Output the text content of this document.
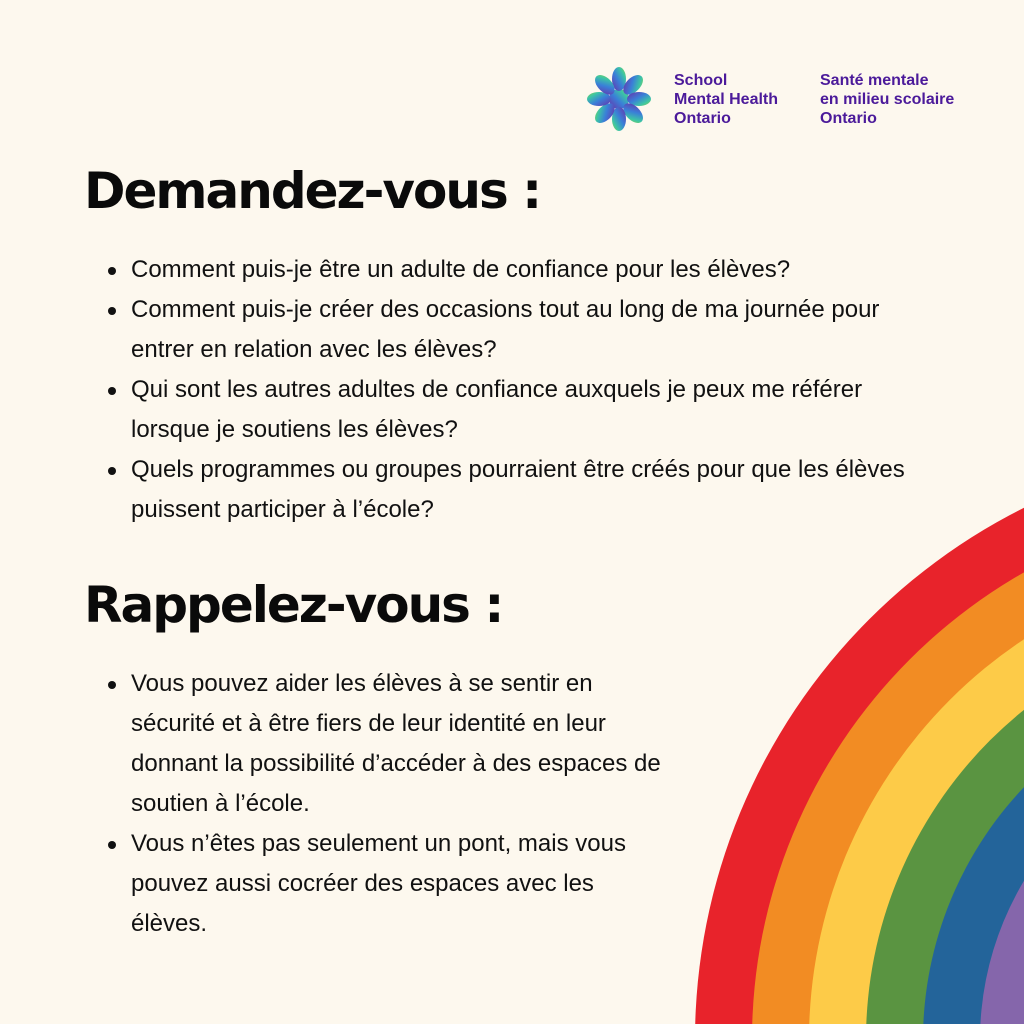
School
Mental Health
Ontario
Santé mentale
en milieu scolaire
Ontario
Demandez-vous :
Comment puis-je être un adulte de confiance pour les élèves?
Comment puis-je créer des occasions tout au long de ma journée pour entrer en relation avec les élèves?
Qui sont les autres adultes de confiance auxquels je peux me référer lorsque je soutiens les élèves?
Quels programmes ou groupes pourraient être créés pour que les élèves puissent participer à l’école?
Rappelez-vous :
Vous pouvez aider les élèves à se sentir en sécurité et à être fiers de leur identité en leur donnant la possibilité d’accéder à des espaces de soutien à l’école.
Vous n’êtes pas seulement un pont, mais vous pouvez aussi cocréer des espaces avec les élèves.
